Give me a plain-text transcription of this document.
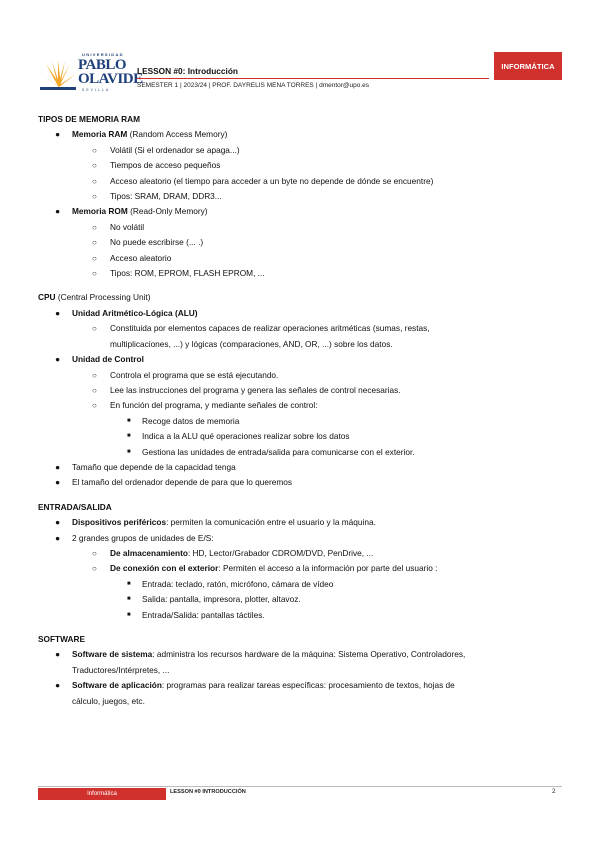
UNIVERSIDAD
PABLO
OLAVIDE
SEVILLA
LESSON #0: Introducción
SEMESTER 1 | 2023/24 | PROF. DAYRELIS MENA TORRES | dmentor@upo.es
INFORMÁTICA

TIPOS DE MEMORIA RAM

● Memoria RAM (Random Access Memory)

○ Volátil (Si el ordenador se apaga...)

○ Tiempos de acceso pequeños

○ Acceso aleatorio (el tiempo para acceder a un byte no depende de dónde se encuentre)

○ Tipos: SRAM, DRAM, DDR3...

● Memoria ROM (Read-Only Memory)

○ No volátil

○ No puede escribirse (... .)

○ Acceso aleatorio

○ Tipos: ROM, EPROM, FLASH EPROM, ...

CPU (Central Processing Unit)

● Unidad Aritmético-Lógica (ALU)

○ Constituida por elementos capaces de realizar operaciones aritméticas (sumas, restas,

multiplicaciones, ...) y lógicas (comparaciones, AND, OR, ...) sobre los datos.

● Unidad de Control

○ Controla el programa que se está ejecutando.

○ Lee las instrucciones del programa y genera las señales de control necesarias.

○ En función del programa, y mediante señales de control:

■ Recoge datos de memoria

■ Indica a la ALU qué operaciones realizar sobre los datos

■ Gestiona las unidades de entrada/salida para comunicarse con el exterior.

● Tamaño que depende de la capacidad tenga

● El tamaño del ordenador depende de para que lo queremos

ENTRADA/SALIDA

● Dispositivos periféricos: permiten la comunicación entre el usuario y la máquina.

● 2 grandes grupos de unidades de E/S:

○ De almacenamiento: HD, Lector/Grabador CDROM/DVD, PenDrive, ...

○ De conexión con el exterior: Permiten el acceso a la información por parte del usuario :

■ Entrada: teclado, ratón, micrófono, cámara de vídeo

■ Salida: pantalla, impresora, plotter, altavoz.

■ Entrada/Salida: pantallas táctiles.

SOFTWARE

● Software de sistema: administra los recursos hardware de la máquina: Sistema Operativo, Controladores,

Traductores/Intérpretes, ...

● Software de aplicación: programas para realizar tareas específicas: procesamiento de textos, hojas de

cálculo, juegos, etc.

Informática	LESSON #0 INTRODUCCIÓN	2
